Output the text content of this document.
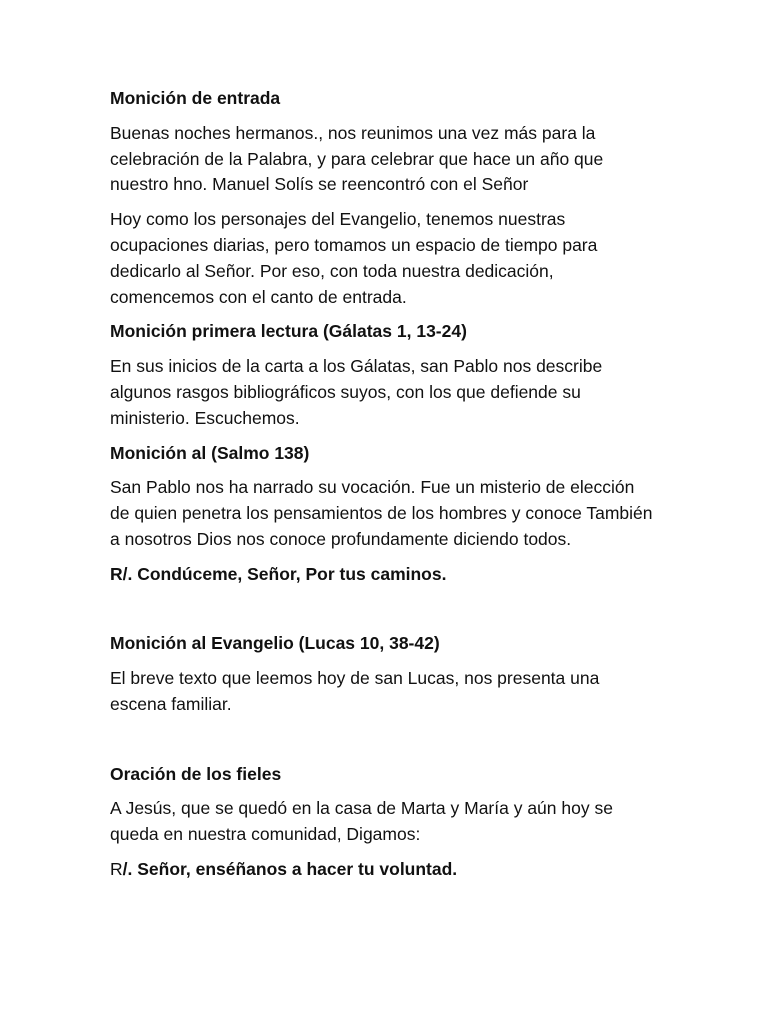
Monición de entrada
Buenas noches hermanos., nos reunimos una vez más para la celebración de la Palabra, y para celebrar que hace un año que nuestro hno. Manuel Solís se reencontró con el Señor
Hoy como los personajes del Evangelio, tenemos nuestras ocupaciones diarias, pero tomamos un espacio de tiempo para dedicarlo al Señor. Por eso, con toda nuestra dedicación, comencemos con el canto de entrada.
Monición primera lectura (Gálatas 1, 13-24)
En sus inicios de la carta a los Gálatas, san Pablo nos describe algunos rasgos bibliográficos suyos, con los que defiende su ministerio. Escuchemos.
Monición al (Salmo 138)
San Pablo nos ha narrado su vocación. Fue un misterio de elección de quien penetra los pensamientos de los hombres y conoce También a nosotros Dios nos conoce profundamente diciendo todos.
R/. Condúceme, Señor, Por tus caminos.
Monición al Evangelio (Lucas 10, 38-42)
El breve texto que leemos hoy de san Lucas, nos presenta una escena familiar.
Oración de los fieles
A Jesús, que se quedó en la casa de Marta y María y aún hoy se queda en nuestra comunidad, Digamos:
R/. Señor, enséñanos a hacer tu voluntad.
